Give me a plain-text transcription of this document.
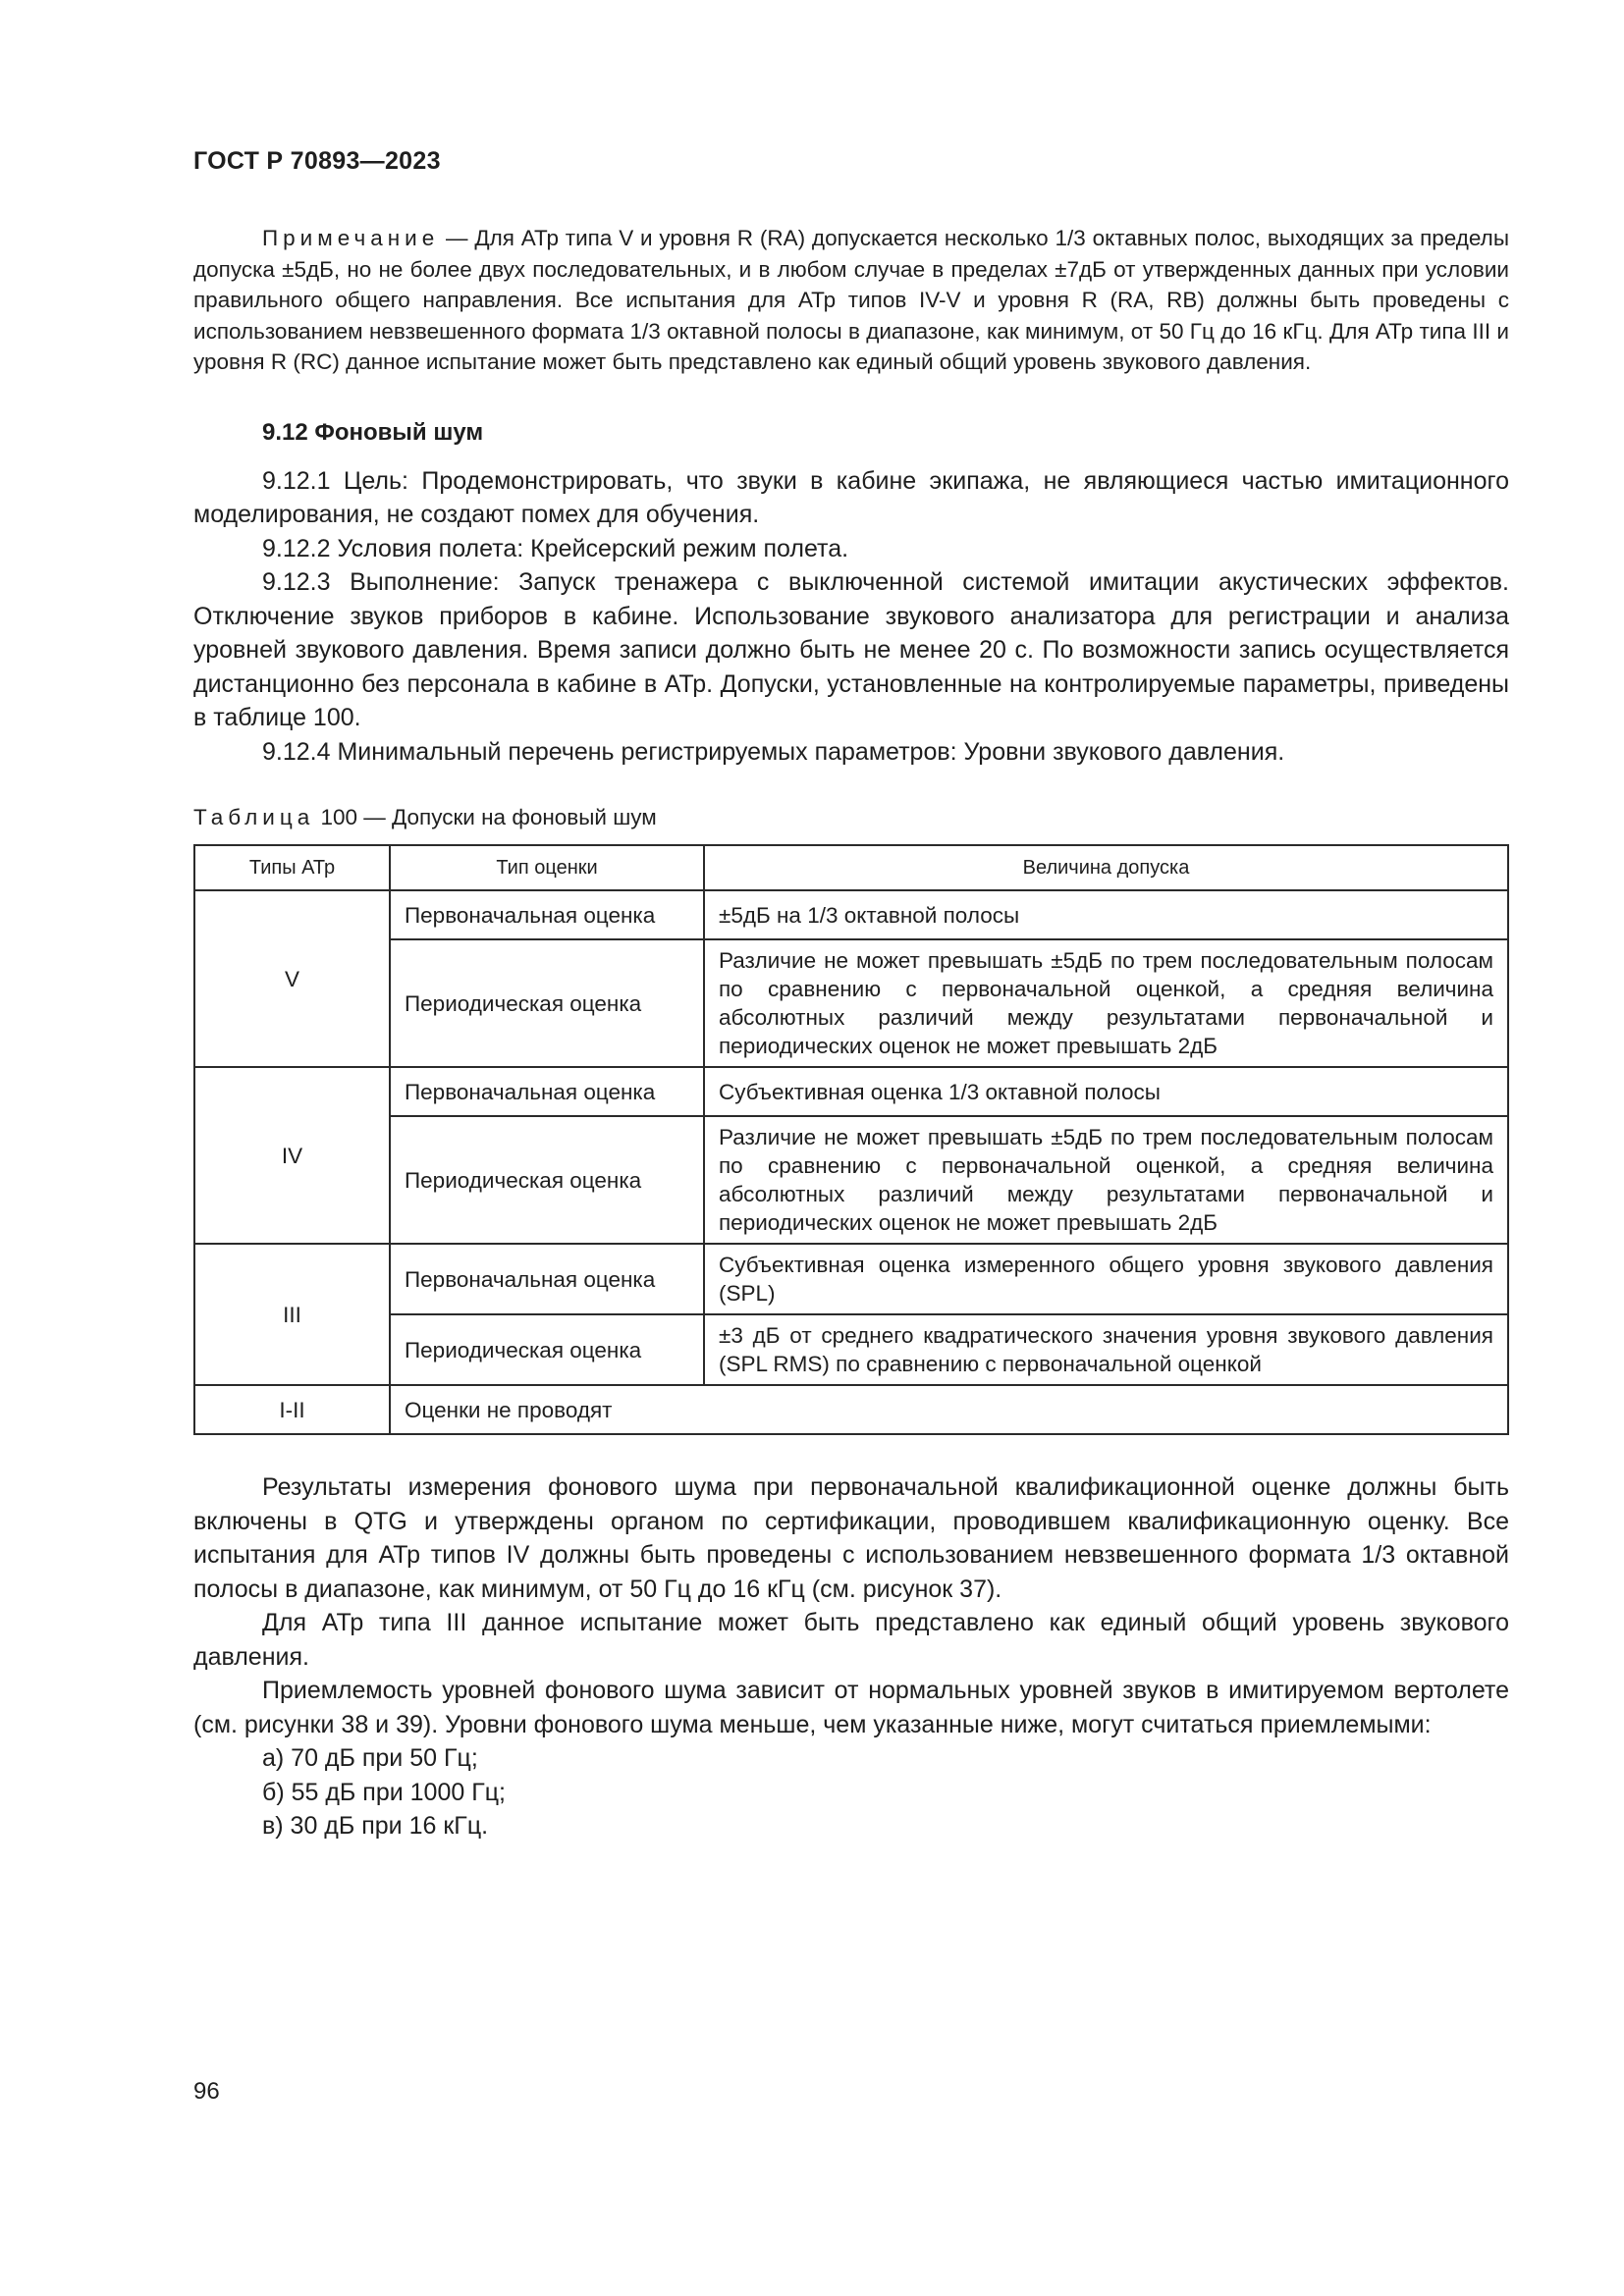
ГОСТ Р 70893—2023

Примечание — Для АТр типа V и уровня R (RA) допускается несколько 1/3 октавных полос, выходящих за пределы допуска ±5дБ, но не более двух последовательных, и в любом случае в пределах ±7дБ от утвержденных данных при условии правильного общего направления. Все испытания для АТр типов IV-V и уровня R (RA, RB) должны быть проведены с использованием невзвешенного формата 1/3 октавной полосы в диапазоне, как минимум, от 50 Гц до 16 кГц. Для АТр типа III и уровня R (RC) данное испытание может быть представлено как единый общий уровень звукового давления.

9.12 Фоновый шум

9.12.1 Цель: Продемонстрировать, что звуки в кабине экипажа, не являющиеся частью имитационного моделирования, не создают помех для обучения.

9.12.2 Условия полета: Крейсерский режим полета.

9.12.3 Выполнение: Запуск тренажера с выключенной системой имитации акустических эффектов. Отключение звуков приборов в кабине. Использование звукового анализатора для регистрации и анализа уровней звукового давления. Время записи должно быть не менее 20 с. По возможности запись осуществляется дистанционно без персонала в кабине в АТр. Допуски, установленные на контролируемые параметры, приведены в таблице 100.

9.12.4 Минимальный перечень регистрируемых параметров: Уровни звукового давления.

Таблица 100 — Допуски на фоновый шум
Типы АТр	Тип оценки	Величина допуска
V	Первоначальная оценка	±5дБ на 1/3 октавной полосы
	Периодическая оценка	Различие не может превышать ±5дБ по трем последовательным полосам по сравнению с первоначальной оценкой, а средняя величина абсолютных различий между результатами первоначальной и периодических оценок не может превышать 2дБ
IV	Первоначальная оценка	Субъективная оценка 1/3 октавной полосы
	Периодическая оценка	Различие не может превышать ±5дБ по трем последовательным полосам по сравнению с первоначальной оценкой, а средняя величина абсолютных различий между результатами первоначальной и периодических оценок не может превышать 2дБ
III	Первоначальная оценка	Субъективная оценка измеренного общего уровня звукового давления (SPL)
	Периодическая оценка	±3 дБ от среднего квадратического значения уровня звукового давления (SPL RMS) по сравнению с первоначальной оценкой
I-II	Оценки не проводят	

Результаты измерения фонового шума при первоначальной квалификационной оценке должны быть включены в QTG и утверждены органом по сертификации, проводившем квалификационную оценку. Все испытания для АТр типов IV должны быть проведены с использованием невзвешенного формата 1/3 октавной полосы в диапазоне, как минимум, от 50 Гц до 16 кГц (см. рисунок 37).

Для АТр типа III данное испытание может быть представлено как единый общий уровень звукового давления.

Приемлемость уровней фонового шума зависит от нормальных уровней звуков в имитируемом вертолете (см. рисунки 38 и 39). Уровни фонового шума меньше, чем указанные ниже, могут считаться приемлемыми:

а) 70 дБ при 50 Гц;
б) 55 дБ при 1000 Гц;
в) 30 дБ при 16 кГц.
96
